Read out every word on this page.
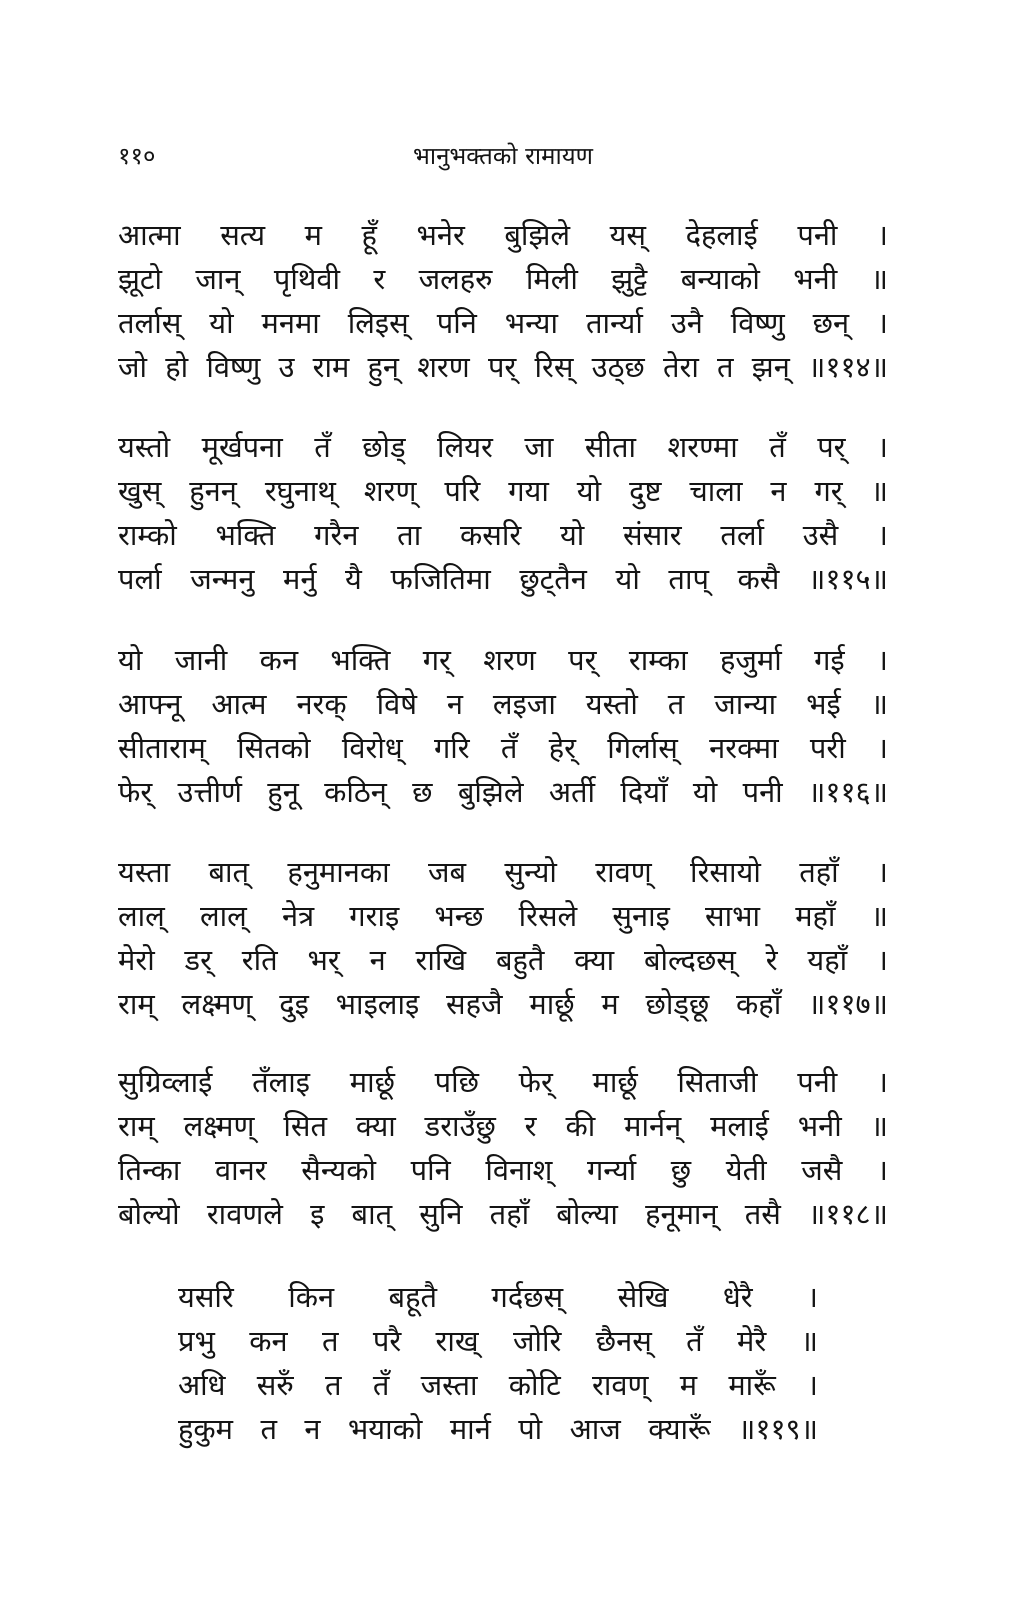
११०	भानुभक्तको रामायण
आत्मा सत्य म हूँ भनेर बुझिले यस् देहलाई पनी ।
झूटो जान् पृथिवी र जलहरु मिली झुट्टै बन्याको भनी ॥
तर्लास् यो मनमा लिइस् पनि भन्या तार्न्या उनै विष्णु छन् ।
जो हो विष्णु उ राम हुन् शरण पर् रिस् उठ्छ तेरा त झन् ॥११४॥
यस्तो मूर्खपना तँ छोड् लियर जा सीता शरण्मा तँ पर् ।
खुस् हुनन् रघुनाथ् शरण् परि गया यो दुष्ट चाला न गर् ॥
राम्को भक्ति गरैन ता कसरि यो संसार तर्ला उसै ।
पर्ला जन्मनु मर्नु यै फजितिमा छुट्तैन यो ताप् कसै ॥११५॥
यो जानी कन भक्ति गर् शरण पर् राम्का हजुर्मा गई ।
आफ्नू आत्म नरक् विषे न लइजा यस्तो त जान्या भई ॥
सीताराम् सितको विरोध् गरि तँ हेर् गिर्लास् नरक्मा परी ।
फेर् उत्तीर्ण हुनू कठिन् छ बुझिले अर्ती दियाँ यो पनी ॥११६॥
यस्ता बात् हनुमानका जब सुन्यो रावण् रिसायो तहाँ ।
लाल् लाल् नेत्र गराइ भन्छ रिसले सुनाइ साभा महाँ ॥
मेरो डर् रति भर् न राखि बहुतै क्या बोल्दछस् रे यहाँ ।
राम् लक्ष्मण् दुइ भाइलाइ सहजै मार्छू म छोड्छू कहाँ ॥११७॥
सुग्रिव्लाई तँलाइ मार्छू पछि फेर् मार्छू सिताजी पनी ।
राम् लक्ष्मण् सित क्या डराउँछु र की मार्नन् मलाई भनी ॥
तिन्का वानर सैन्यको पनि विनाश् गर्न्या छु येती जसै ।
बोल्यो रावणले इ बात् सुनि तहाँ बोल्या हनूमान् तसै ॥११८॥
यसरि किन बहूतै गर्दछस् सेखि धेरै ।
प्रभु कन त परै राख् जोरि छैनस् तँ मेरै ॥
अधि सरुँ त तँ जस्ता कोटि रावण् म मारूँ ।
हुकुम त न भयाको मार्न पो आज क्यारूँ ॥११९॥
